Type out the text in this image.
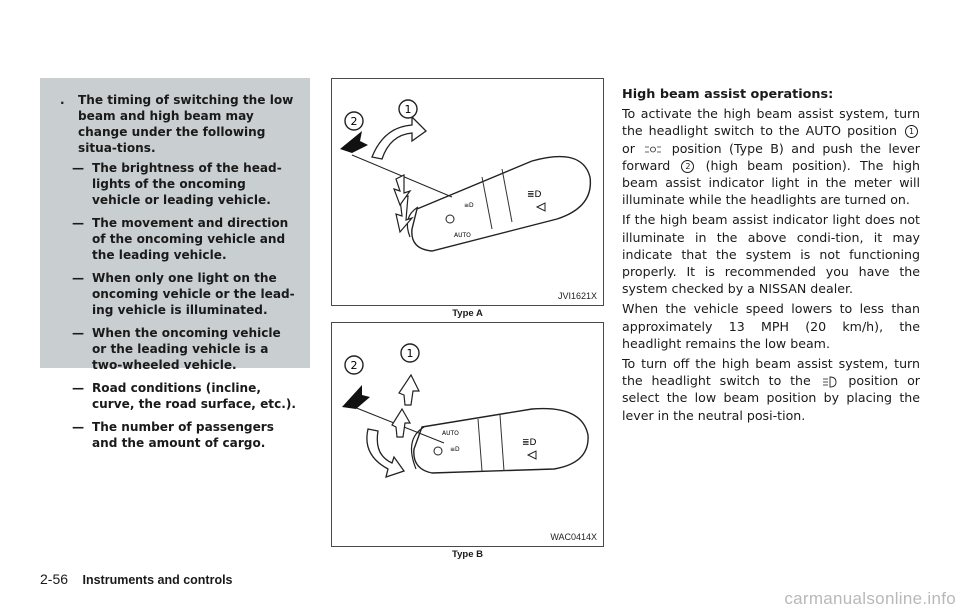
. The timing of switching the low beam and high beam may change under the following situa-tions.

— The brightness of the head-lights of the oncoming vehicle or leading vehicle.
— The movement and direction of the oncoming vehicle and the leading vehicle.
— When only one light on the oncoming vehicle or the lead-ing vehicle is illuminated.
— When the oncoming vehicle or the leading vehicle is a two-wheeled vehicle.
— Road conditions (incline, curve, the road surface, etc.).
— The number of passengers and the amount of cargo.
AUTO
≡D
≣D
2
1
JVI1621X
Type A
AUTO
≡D
≣D
2
1
WAC0414X
Type B
High beam assist operations:

To activate the high beam assist system, turn the headlight switch to the AUTO position 1 or	position (Type B) and push the lever forward 2 (high beam position). The high beam assist indicator light in the meter will illuminate while the headlights are turned on.

If the high beam assist indicator light does not illuminate in the above condi-tion, it may indicate that the system is not functioning properly. It is recommended you have the system checked by a NISSAN dealer.

When the vehicle speed lowers to less than approximately 13 MPH (20 km/h), the headlight remains the low beam.

To turn off the high beam assist system, turn the headlight switch to the	position or select the low beam position by placing the lever in the neutral posi-tion.

2-56 Instruments and controls
carmanualsonline.info
